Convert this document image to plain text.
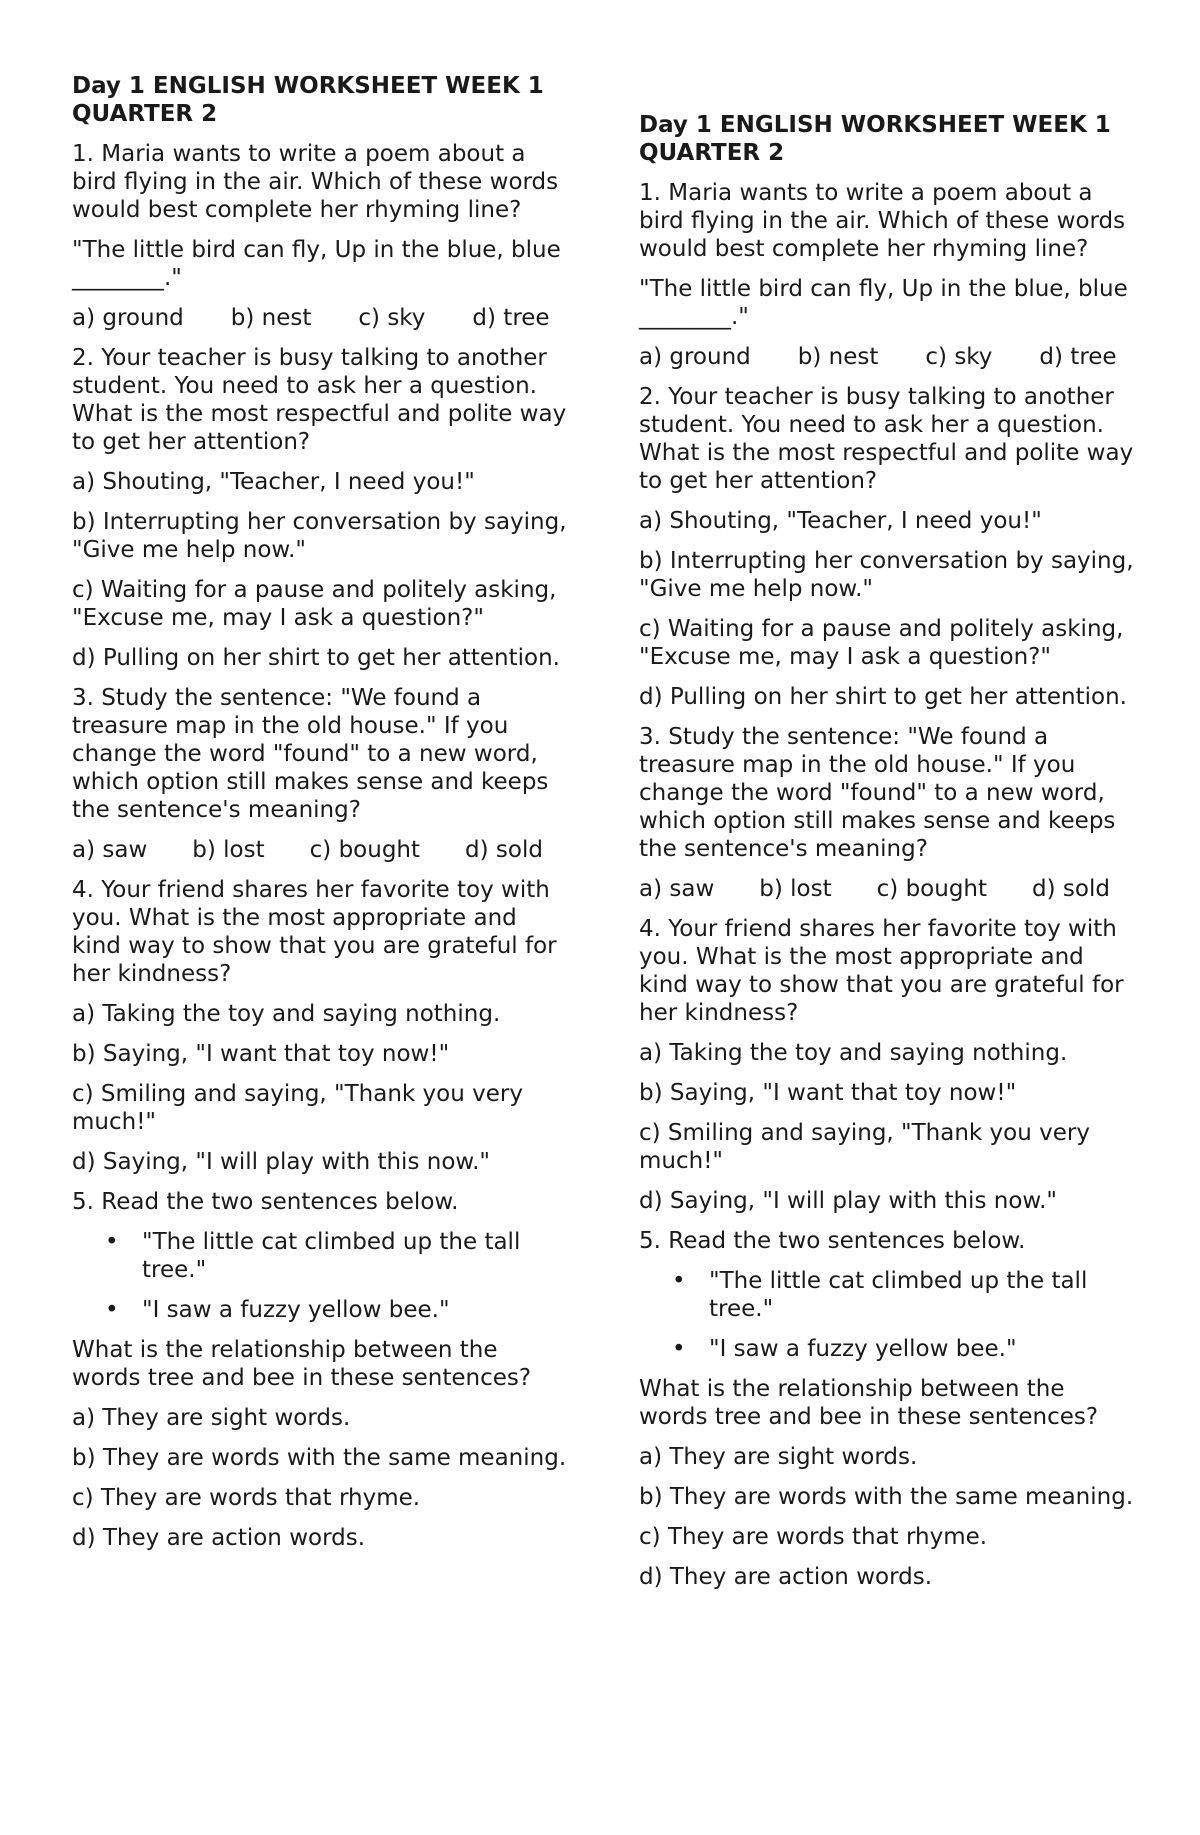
Day 1 ENGLISH WORKSHEET WEEK 1 QUARTER 2
1. Maria wants to write a poem about a bird flying in the air. Which of these words would best complete her rhyming line?
"The little bird can fly, Up in the blue, blue ________."
a) ground b) nest c) sky d) tree
2. Your teacher is busy talking to another student. You need to ask her a question. What is the most respectful and polite way to get her attention?
a) Shouting, "Teacher, I need you!"
b) Interrupting her conversation by saying, "Give me help now."
c) Waiting for a pause and politely asking, "Excuse me, may I ask a question?"
d) Pulling on her shirt to get her attention.
3. Study the sentence: "We found a treasure map in the old house." If you change the word "found" to a new word, which option still makes sense and keeps the sentence's meaning?
a) saw b) lost c) bought d) sold
4. Your friend shares her favorite toy with you. What is the most appropriate and kind way to show that you are grateful for her kindness?
a) Taking the toy and saying nothing.
b) Saying, "I want that toy now!"
c) Smiling and saying, "Thank you very much!"
d) Saying, "I will play with this now."
5. Read the two sentences below.
• "The little cat climbed up the tall tree."
• "I saw a fuzzy yellow bee."
What is the relationship between the words tree and bee in these sentences?
a) They are sight words.
b) They are words with the same meaning.
c) They are words that rhyme.
d) They are action words.
Day 1 ENGLISH WORKSHEET WEEK 1 QUARTER 2
1. Maria wants to write a poem about a bird flying in the air. Which of these words would best complete her rhyming line?
"The little bird can fly, Up in the blue, blue ________."
a) ground b) nest c) sky d) tree
2. Your teacher is busy talking to another student. You need to ask her a question. What is the most respectful and polite way to get her attention?
a) Shouting, "Teacher, I need you!"
b) Interrupting her conversation by saying, "Give me help now."
c) Waiting for a pause and politely asking, "Excuse me, may I ask a question?"
d) Pulling on her shirt to get her attention.
3. Study the sentence: "We found a treasure map in the old house." If you change the word "found" to a new word, which option still makes sense and keeps the sentence's meaning?
a) saw b) lost c) bought d) sold
4. Your friend shares her favorite toy with you. What is the most appropriate and kind way to show that you are grateful for her kindness?
a) Taking the toy and saying nothing.
b) Saying, "I want that toy now!"
c) Smiling and saying, "Thank you very much!"
d) Saying, "I will play with this now."
5. Read the two sentences below.
• "The little cat climbed up the tall tree."
• "I saw a fuzzy yellow bee."
What is the relationship between the words tree and bee in these sentences?
a) They are sight words.
b) They are words with the same meaning.
c) They are words that rhyme.
d) They are action words.
